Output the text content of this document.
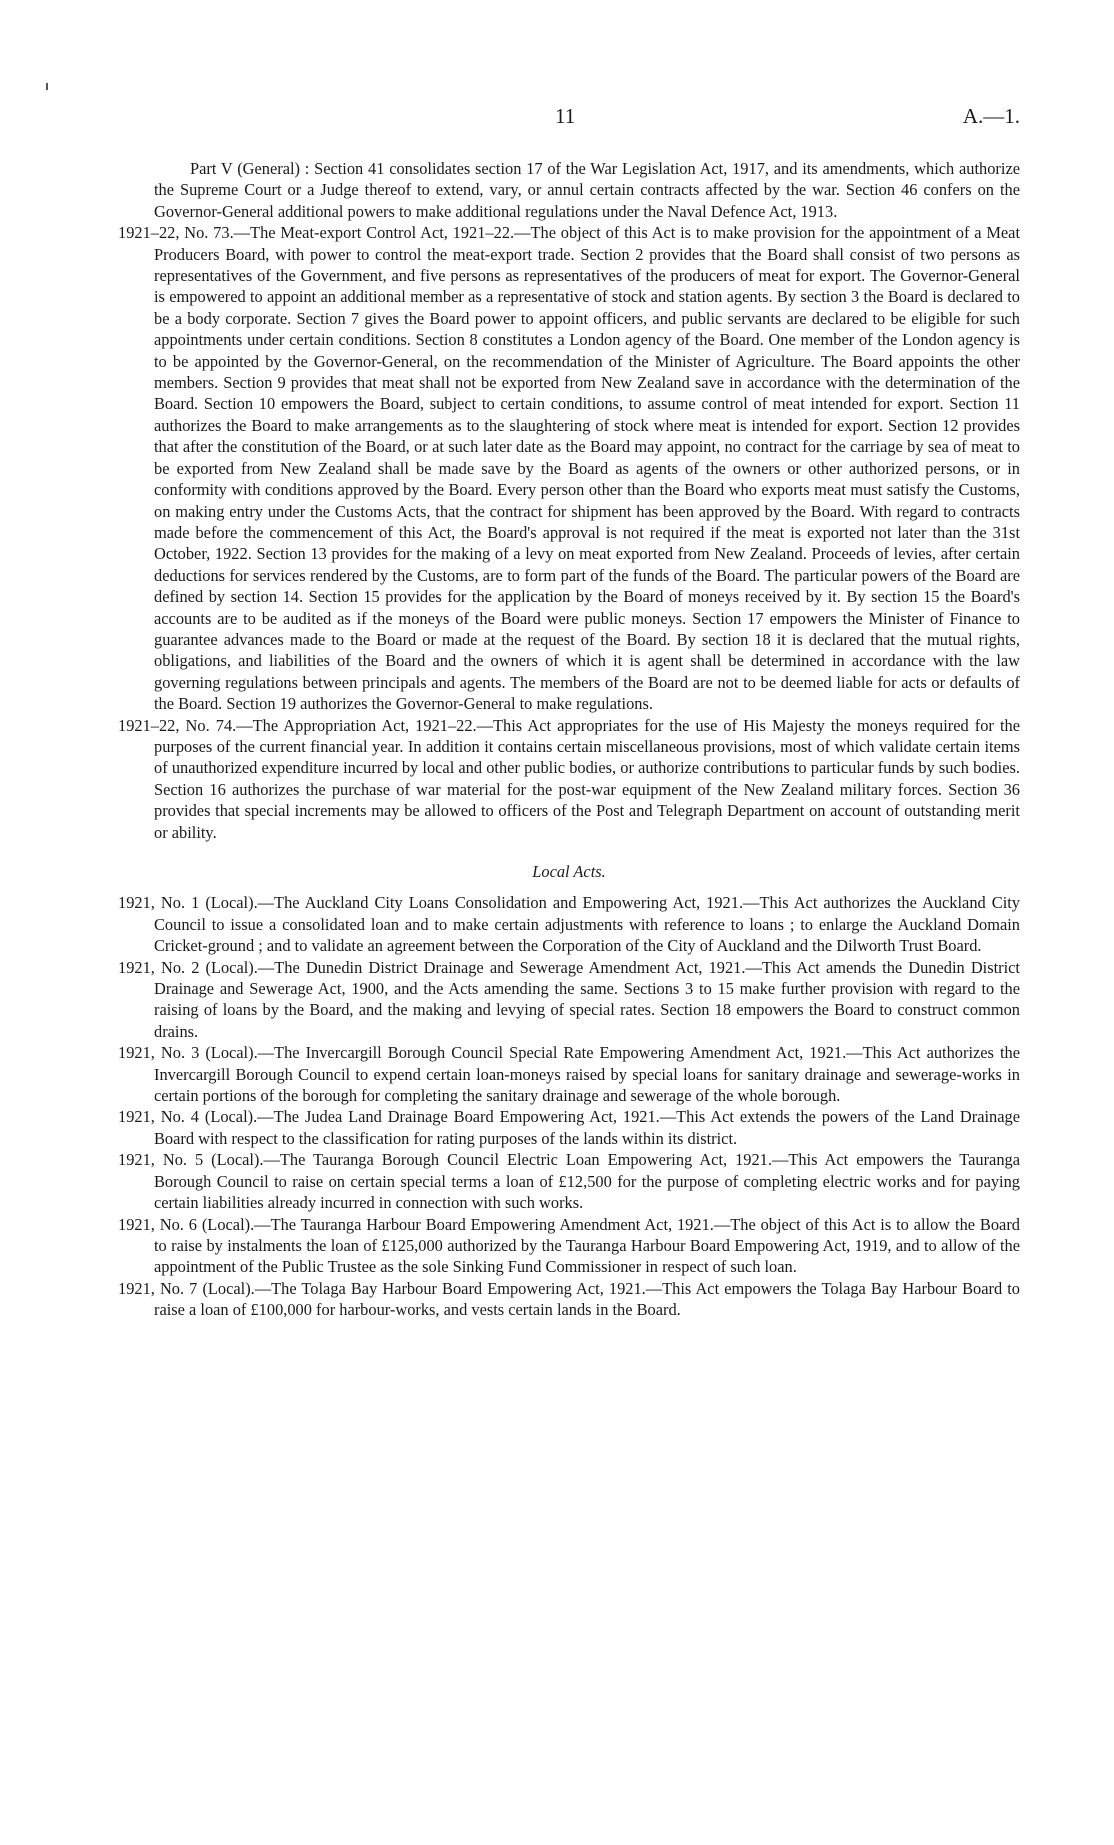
11	A.—1.

Part V (General) : Section 41 consolidates section 17 of the War Legislation Act, 1917, and its amendments, which authorize the Supreme Court or a Judge thereof to extend, vary, or annul certain contracts affected by the war. Section 46 confers on the Governor-General additional powers to make additional regulations under the Naval Defence Act, 1913.

1921–22, No. 73.—The Meat-export Control Act, 1921–22.—The object of this Act is to make provision for the appointment of a Meat Producers Board, with power to control the meat-export trade. Section 2 provides that the Board shall consist of two persons as representatives of the Government, and five persons as representatives of the producers of meat for export. The Governor-General is empowered to appoint an additional member as a representative of stock and station agents. By section 3 the Board is declared to be a body corporate. Section 7 gives the Board power to appoint officers, and public servants are declared to be eligible for such appointments under certain conditions. Section 8 constitutes a London agency of the Board. One member of the London agency is to be appointed by the Governor-General, on the recommendation of the Minister of Agriculture. The Board appoints the other members. Section 9 provides that meat shall not be exported from New Zealand save in accordance with the determination of the Board. Section 10 empowers the Board, subject to certain conditions, to assume control of meat intended for export. Section 11 authorizes the Board to make arrangements as to the slaughtering of stock where meat is intended for export. Section 12 provides that after the constitution of the Board, or at such later date as the Board may appoint, no contract for the carriage by sea of meat to be exported from New Zealand shall be made save by the Board as agents of the owners or other authorized persons, or in conformity with conditions approved by the Board. Every person other than the Board who exports meat must satisfy the Customs, on making entry under the Customs Acts, that the contract for shipment has been approved by the Board. With regard to contracts made before the commencement of this Act, the Board's approval is not required if the meat is exported not later than the 31st October, 1922. Section 13 provides for the making of a levy on meat exported from New Zealand. Proceeds of levies, after certain deductions for services rendered by the Customs, are to form part of the funds of the Board. The particular powers of the Board are defined by section 14. Section 15 provides for the application by the Board of moneys received by it. By section 15 the Board's accounts are to be audited as if the moneys of the Board were public moneys. Section 17 empowers the Minister of Finance to guarantee advances made to the Board or made at the request of the Board. By section 18 it is declared that the mutual rights, obligations, and liabilities of the Board and the owners of which it is agent shall be determined in accordance with the law governing regulations between principals and agents. The members of the Board are not to be deemed liable for acts or defaults of the Board. Section 19 authorizes the Governor-General to make regulations.

1921–22, No. 74.—The Appropriation Act, 1921–22.—This Act appropriates for the use of His Majesty the moneys required for the purposes of the current financial year. In addition it contains certain miscellaneous provisions, most of which validate certain items of unauthorized expenditure incurred by local and other public bodies, or authorize contributions to particular funds by such bodies. Section 16 authorizes the purchase of war material for the post-war equipment of the New Zealand military forces. Section 36 provides that special increments may be allowed to officers of the Post and Telegraph Department on account of outstanding merit or ability.

Local Acts.

1921, No. 1 (Local).—The Auckland City Loans Consolidation and Empowering Act, 1921.—This Act authorizes the Auckland City Council to issue a consolidated loan and to make certain adjustments with reference to loans ; to enlarge the Auckland Domain Cricket-ground ; and to validate an agreement between the Corporation of the City of Auckland and the Dilworth Trust Board.

1921, No. 2 (Local).—The Dunedin District Drainage and Sewerage Amendment Act, 1921.—This Act amends the Dunedin District Drainage and Sewerage Act, 1900, and the Acts amending the same. Sections 3 to 15 make further provision with regard to the raising of loans by the Board, and the making and levying of special rates. Section 18 empowers the Board to construct common drains.

1921, No. 3 (Local).—The Invercargill Borough Council Special Rate Empowering Amendment Act, 1921.—This Act authorizes the Invercargill Borough Council to expend certain loan-moneys raised by special loans for sanitary drainage and sewerage-works in certain portions of the borough for completing the sanitary drainage and sewerage of the whole borough.

1921, No. 4 (Local).—The Judea Land Drainage Board Empowering Act, 1921.—This Act extends the powers of the Land Drainage Board with respect to the classification for rating purposes of the lands within its district.

1921, No. 5 (Local).—The Tauranga Borough Council Electric Loan Empowering Act, 1921.—This Act empowers the Tauranga Borough Council to raise on certain special terms a loan of £12,500 for the purpose of completing electric works and for paying certain liabilities already incurred in connection with such works.

1921, No. 6 (Local).—The Tauranga Harbour Board Empowering Amendment Act, 1921.—The object of this Act is to allow the Board to raise by instalments the loan of £125,000 authorized by the Tauranga Harbour Board Empowering Act, 1919, and to allow of the appointment of the Public Trustee as the sole Sinking Fund Commissioner in respect of such loan.

1921, No. 7 (Local).—The Tolaga Bay Harbour Board Empowering Act, 1921.—This Act empowers the Tolaga Bay Harbour Board to raise a loan of £100,000 for harbour-works, and vests certain lands in the Board.
